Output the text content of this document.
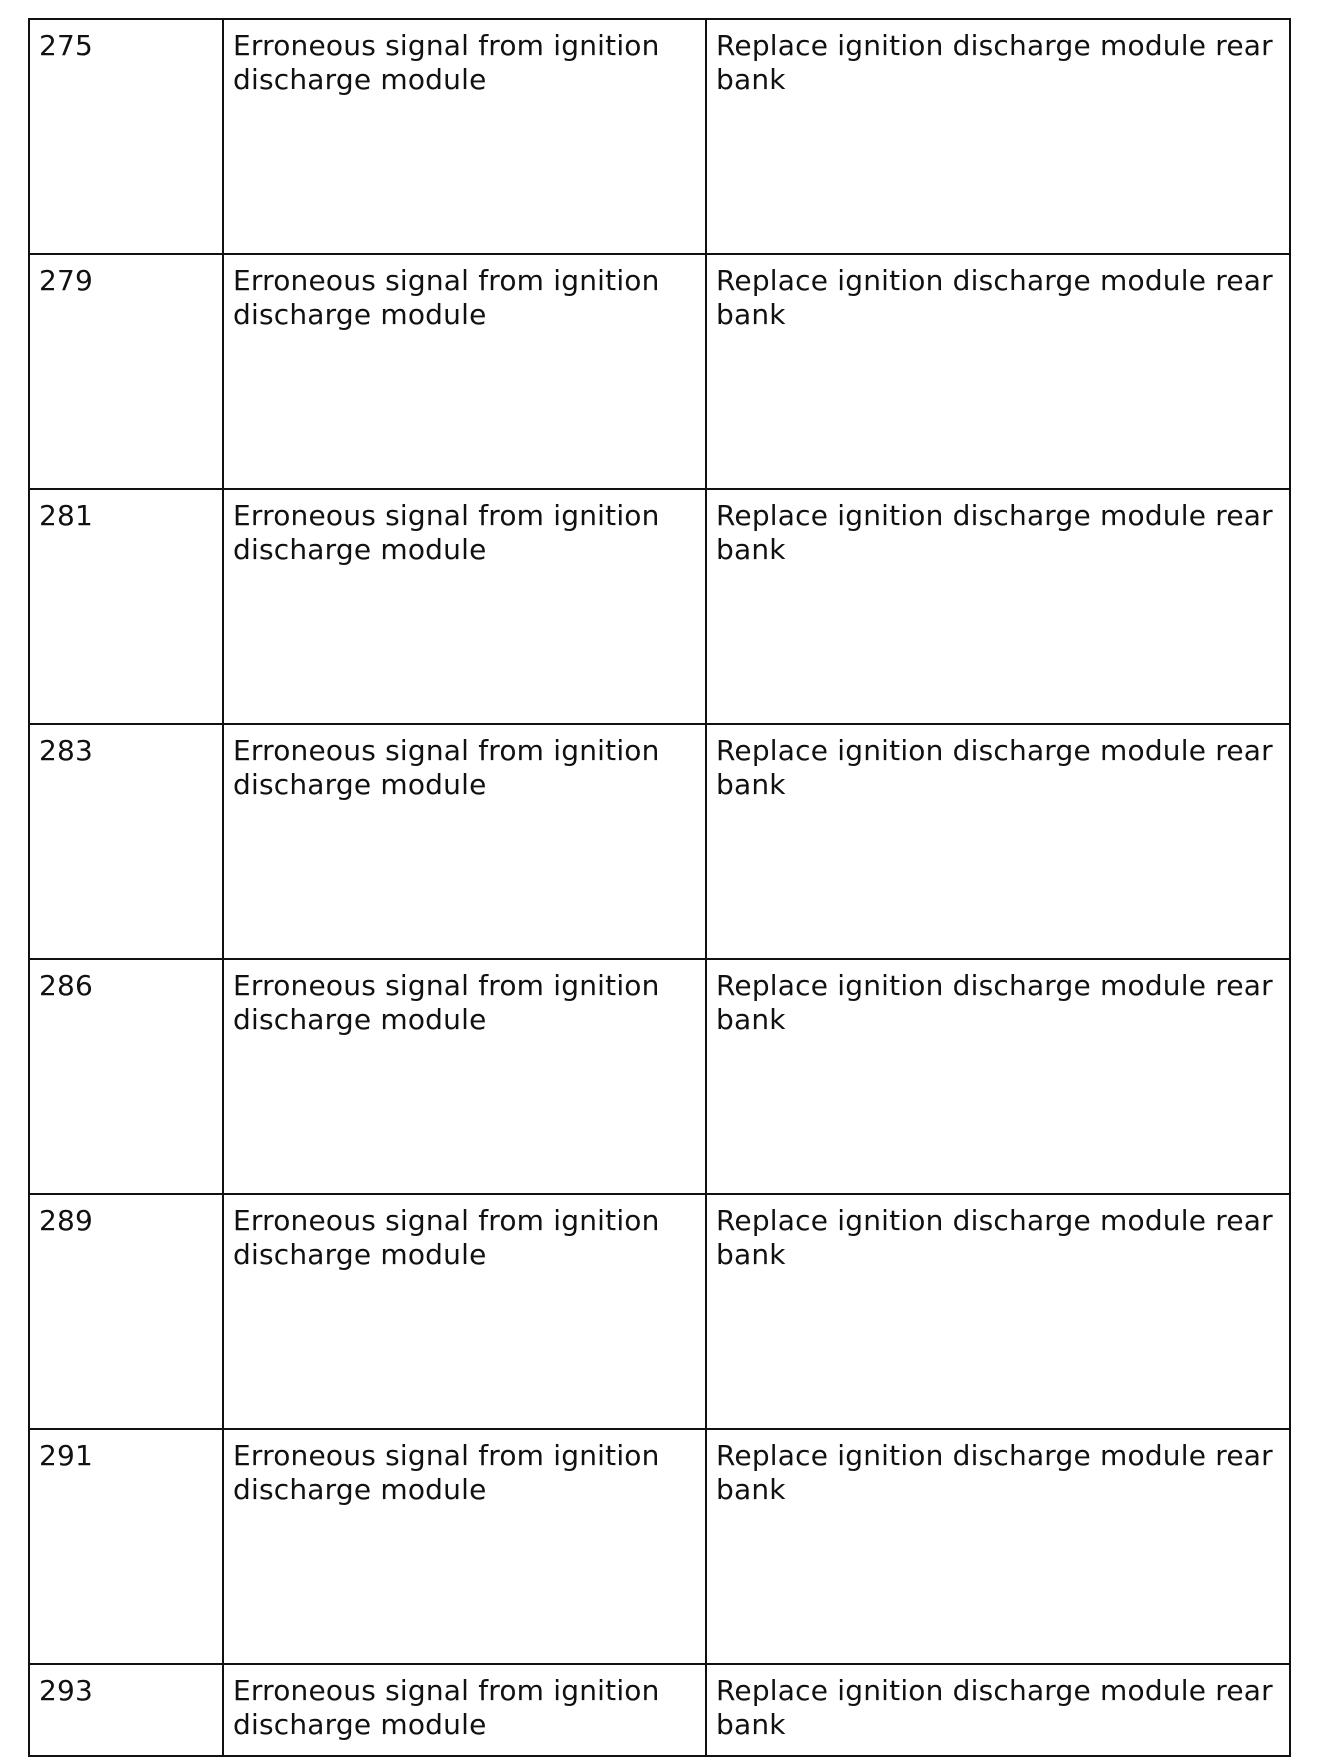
275	Erroneous signal from ignition discharge module	Replace ignition discharge module rear bank
279	Erroneous signal from ignition discharge module	Replace ignition discharge module rear bank
281	Erroneous signal from ignition discharge module	Replace ignition discharge module rear bank
283	Erroneous signal from ignition discharge module	Replace ignition discharge module rear bank
286	Erroneous signal from ignition discharge module	Replace ignition discharge module rear bank
289	Erroneous signal from ignition discharge module	Replace ignition discharge module rear bank
291	Erroneous signal from ignition discharge module	Replace ignition discharge module rear bank
293	Erroneous signal from ignition discharge module	Replace ignition discharge module rear bank
